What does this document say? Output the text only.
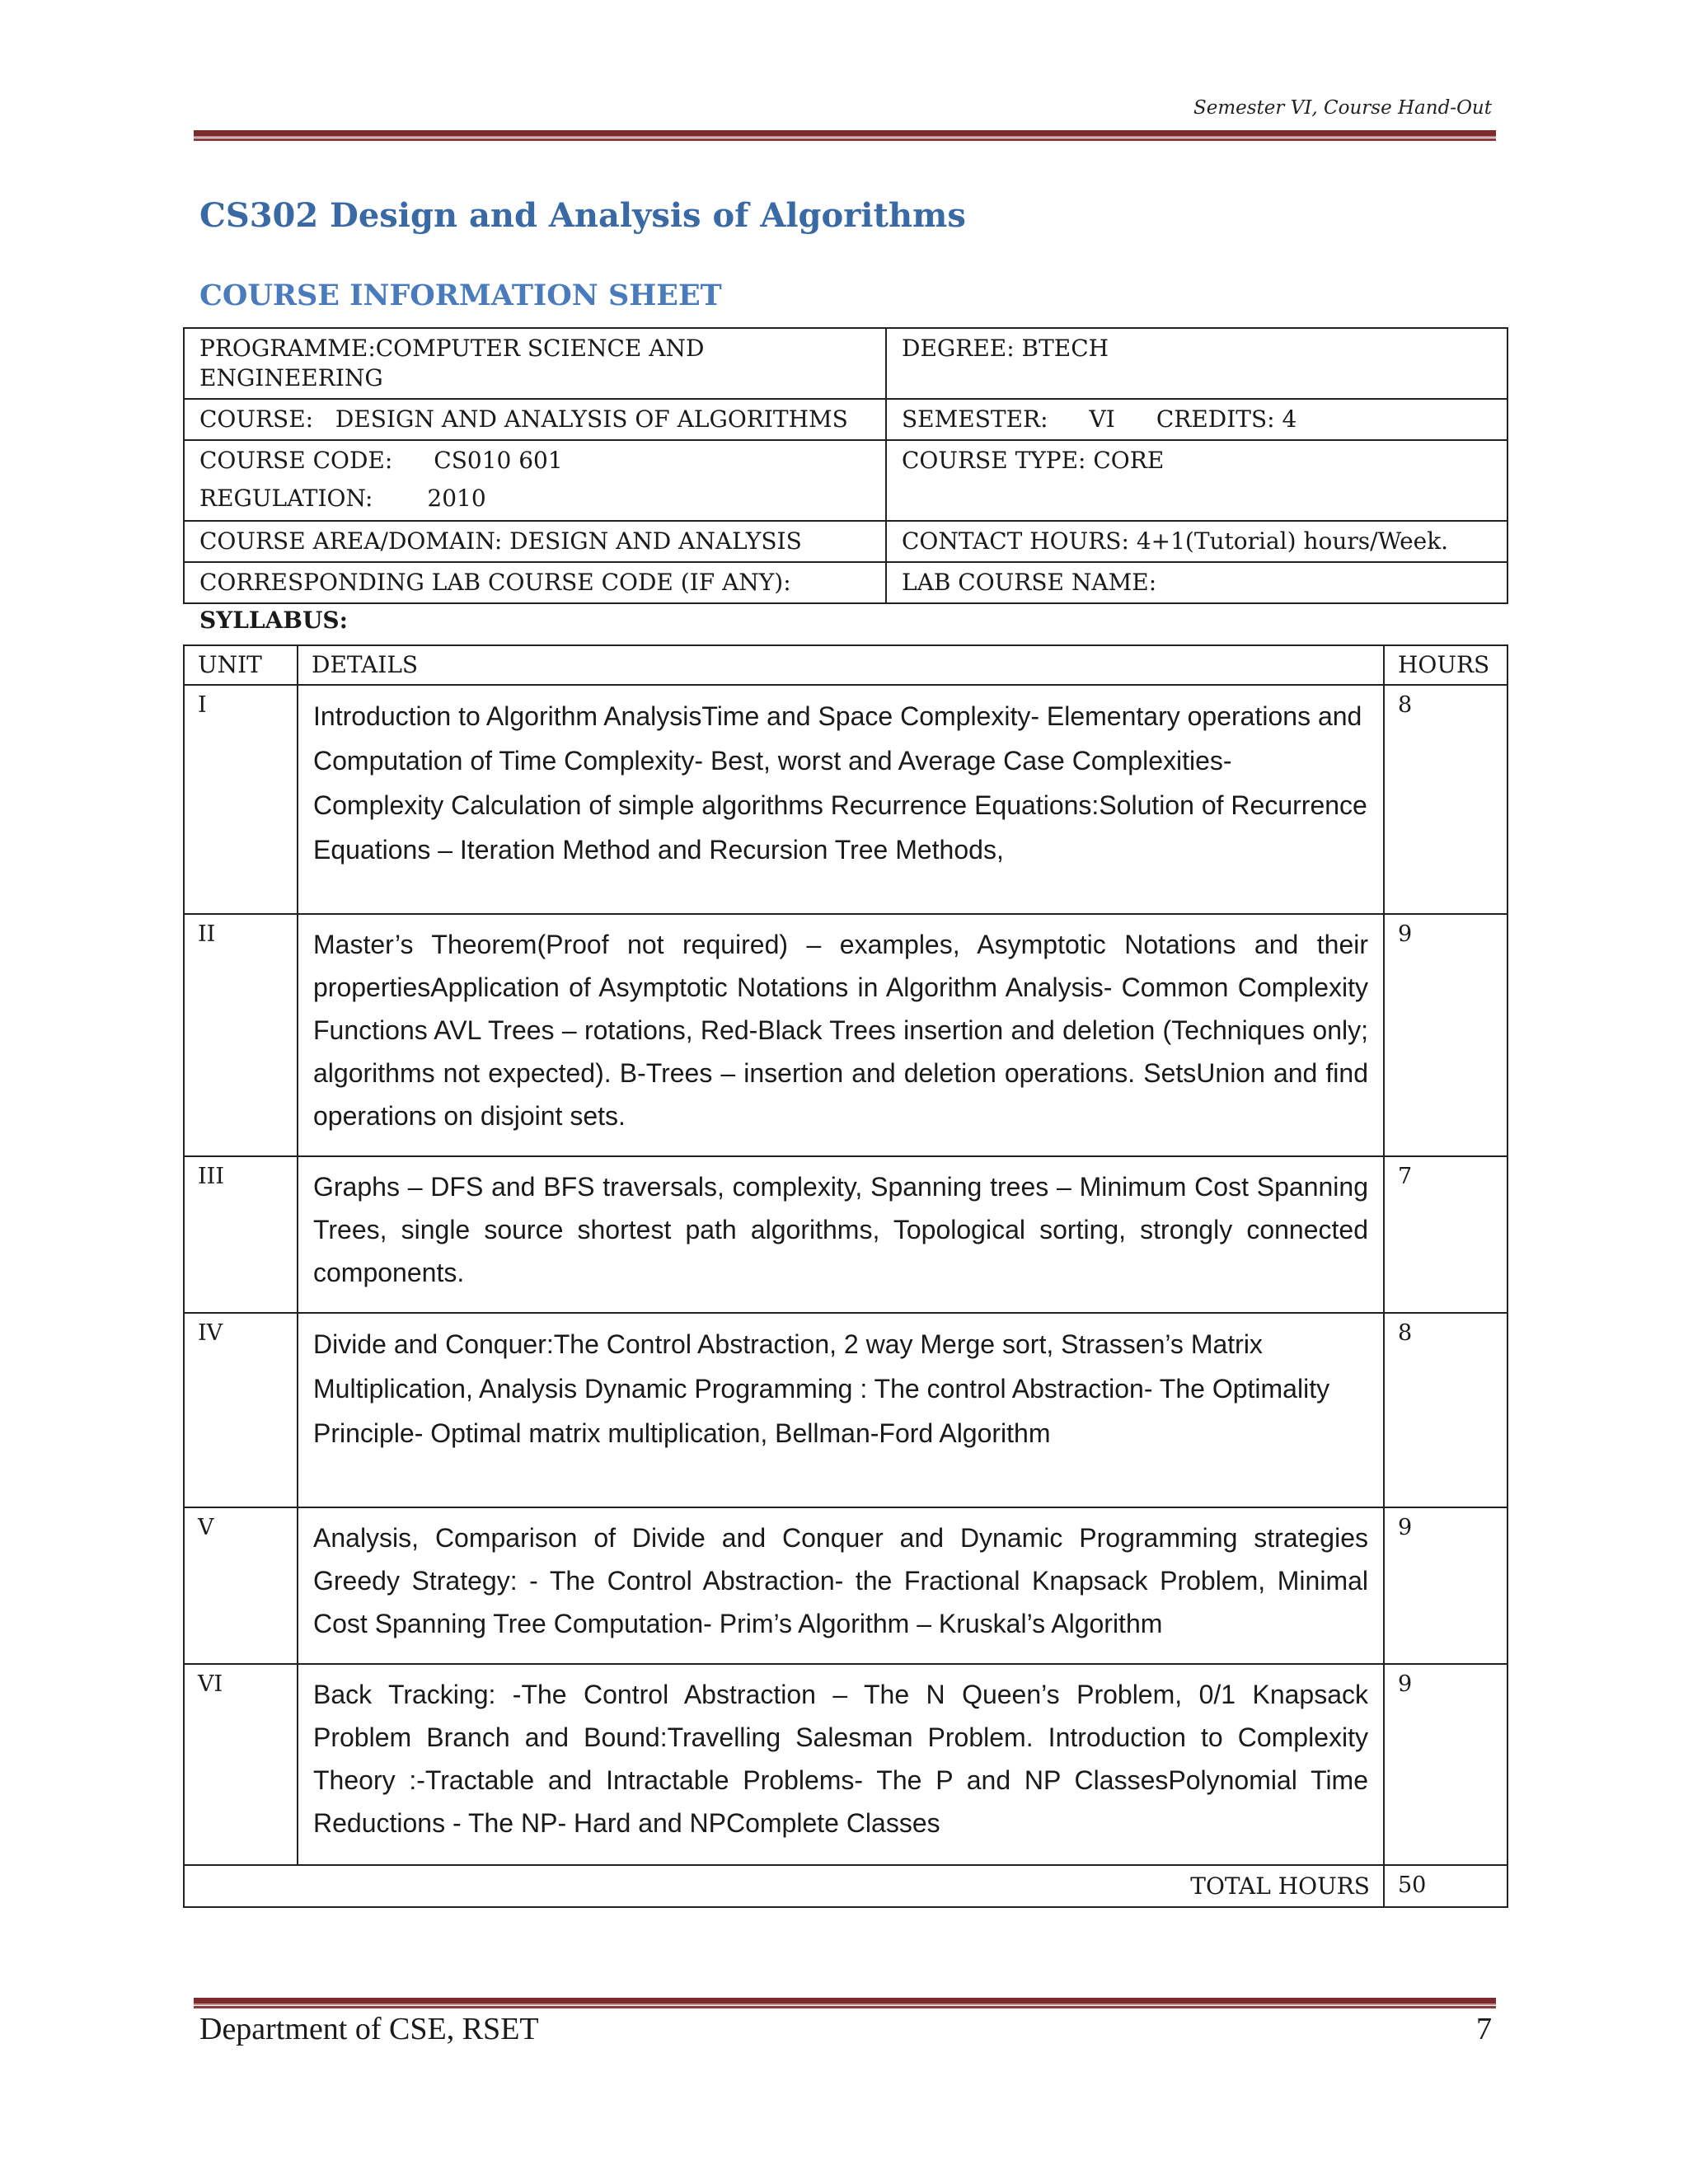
Semester VI, Course Hand-Out
CS302 Design and Analysis of Algorithms
COURSE INFORMATION SHEET
PROGRAMME:COMPUTER SCIENCE AND ENGINEERING	DEGREE: BTECH
COURSE: DESIGN AND ANALYSIS OF ALGORITHMS	SEMESTER: VI CREDITS: 4

COURSE CODE: CS010 601
REGULATION: 2010	COURSE TYPE: CORE
COURSE AREA/DOMAIN: DESIGN AND ANALYSIS	CONTACT HOURS: 4+1(Tutorial) hours/Week.
CORRESPONDING LAB COURSE CODE (IF ANY):	LAB COURSE NAME:
SYLLABUS:
UNIT	DETAILS	HOURS
I	Introduction to Algorithm AnalysisTime and Space Complexity- Elementary operations and Computation of Time Complexity- Best, worst and Average Case Complexities- Complexity Calculation of simple algorithms Recurrence Equations:Solution of Recurrence Equations – Iteration Method and Recursion Tree Methods,	8
II	Master’s Theorem(Proof not required) – examples, Asymptotic Notations and their propertiesApplication of Asymptotic Notations in Algorithm Analysis- Common Complexity Functions AVL Trees – rotations, Red-Black Trees insertion and deletion (Techniques only; algorithms not expected). B-Trees – insertion and deletion operations. SetsUnion and find operations on disjoint sets.	9
III	Graphs – DFS and BFS traversals, complexity, Spanning trees – Minimum Cost Spanning Trees, single source shortest path algorithms, Topological sorting, strongly connected components.	7
IV	Divide and Conquer:The Control Abstraction, 2 way Merge sort, Strassen’s Matrix Multiplication, Analysis Dynamic Programming : The control Abstraction- The Optimality Principle- Optimal matrix multiplication, Bellman-Ford Algorithm	8
V	Analysis, Comparison of Divide and Conquer and Dynamic Programming strategies Greedy Strategy: - The Control Abstraction- the Fractional Knapsack Problem, Minimal Cost Spanning Tree Computation- Prim’s Algorithm – Kruskal’s Algorithm	9
VI	Back Tracking: -The Control Abstraction – The N Queen’s Problem, 0/1 Knapsack Problem Branch and Bound:Travelling Salesman Problem. Introduction to Complexity Theory :-Tractable and Intractable Problems- The P and NP ClassesPolynomial Time Reductions - The NP- Hard and NPComplete Classes	9
TOTAL HOURS		50
Department of CSE, RSET	7
